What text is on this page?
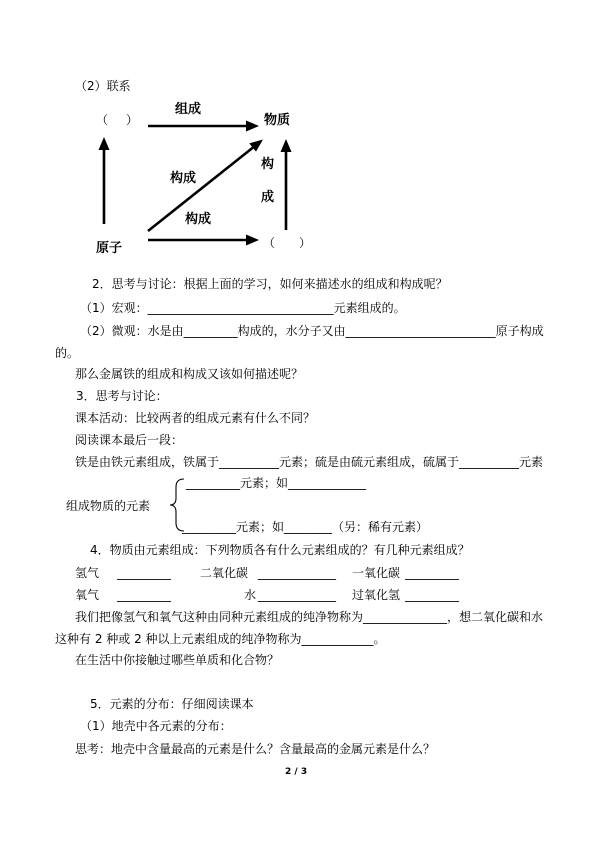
（2）联系
（　）
组成
物质
构成
构
成
构成
原子	（　　）
2．思考与讨论：根据上面的学习，如何来描述水的组成和构成呢？
（1）宏观：_______________________________元素组成的。
（2）微观：水是由_________构成的，水分子又由_________________________原子构成
的。
那么金属铁的组成和构成又该如何描述呢？
3．思考与讨论：
课本活动：比较两者的组成元素有什么不同？
阅读课本最后一段：
铁是由铁元素组成，铁属于__________元素；硫是由硫元素组成，硫属于__________元素
_________元素；如_____________
组成物质的元素
_________元素；如________（另：稀有元素）
4．物质由元素组成：下列物质各有什么元素组成的？有几种元素组成？
氢气 _________ 二氧化碳 _____________ 一氧化碳 _________
氧气 _________	水 _____________ 过氧化氢 _________
我们把像氢气和氧气这种由同种元素组成的纯净物称为______________，想二氧化碳和水
这种有 2 种或 2 种以上元素组成的纯净物称为____________。
在生活中你接触过哪些单质和化合物？
5．元素的分布：仔细阅读课本
（1）地壳中各元素的分布：
思考：地壳中含量最高的元素是什么？含量最高的金属元素是什么？
2 / 3
